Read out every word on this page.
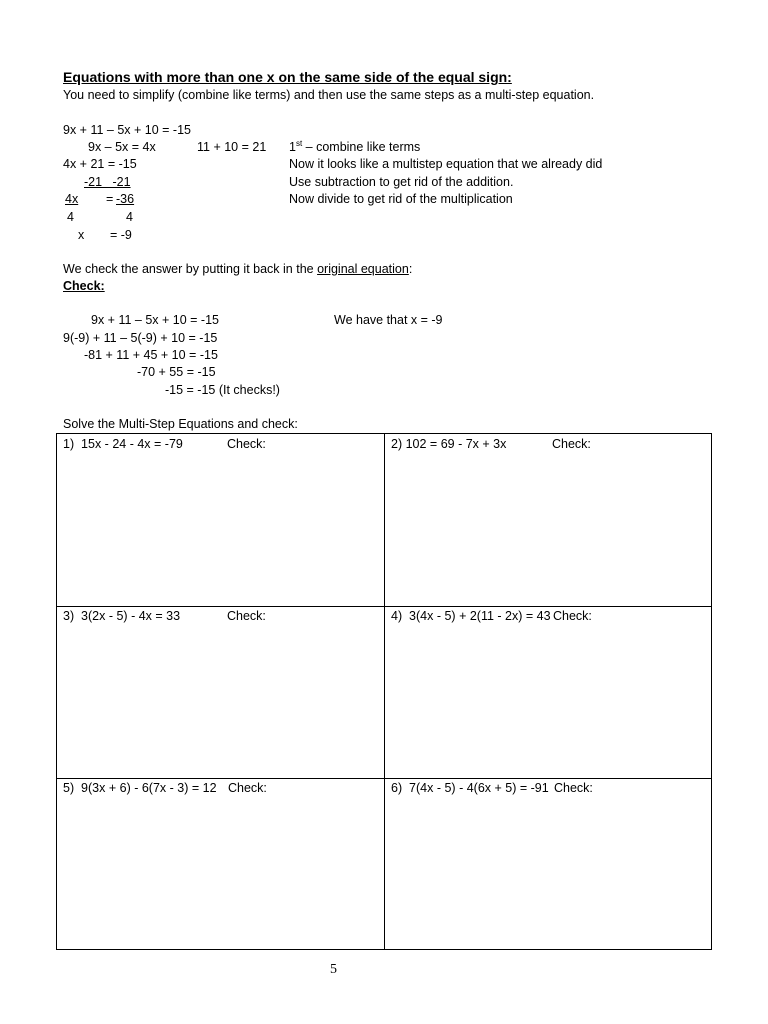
Equations with more than one x on the same side of the equal sign:
You need to simplify (combine like terms) and then use the same steps as a multi-step equation.
9x + 11 – 5x + 10 = -15
9x – 5x = 4x	11 + 10 = 21 1st – combine like terms
4x + 21 = -15	Now it looks like a multistep equation that we already did
-21   -21	Use subtraction to get rid of the addition.
4x = -36	Now divide to get rid of the multiplication
4	4
x = -9
We check the answer by putting it back in the original equation:
Check:
9x + 11 – 5x + 10 = -15	We have that x = -9
9(-9) + 11 – 5(-9) + 10 = -15
-81 + 11 + 45 + 10 = -15
-70 + 55 = -15
-15 = -15 (It checks!)
Solve the Multi-Step Equations and check:
1)  15x - 24 - 4x = -79	Check:	2) 102 = 69 - 7x + 3x	Check:
3)  3(2x - 5) - 4x = 33	Check:	4)  3(4x - 5) + 2(11 - 2x) = 43 Check:
5)  9(3x + 6) - 6(7x - 3) = 12 Check:	6)  7(4x - 5) - 4(6x + 5) = -91 Check:
5
